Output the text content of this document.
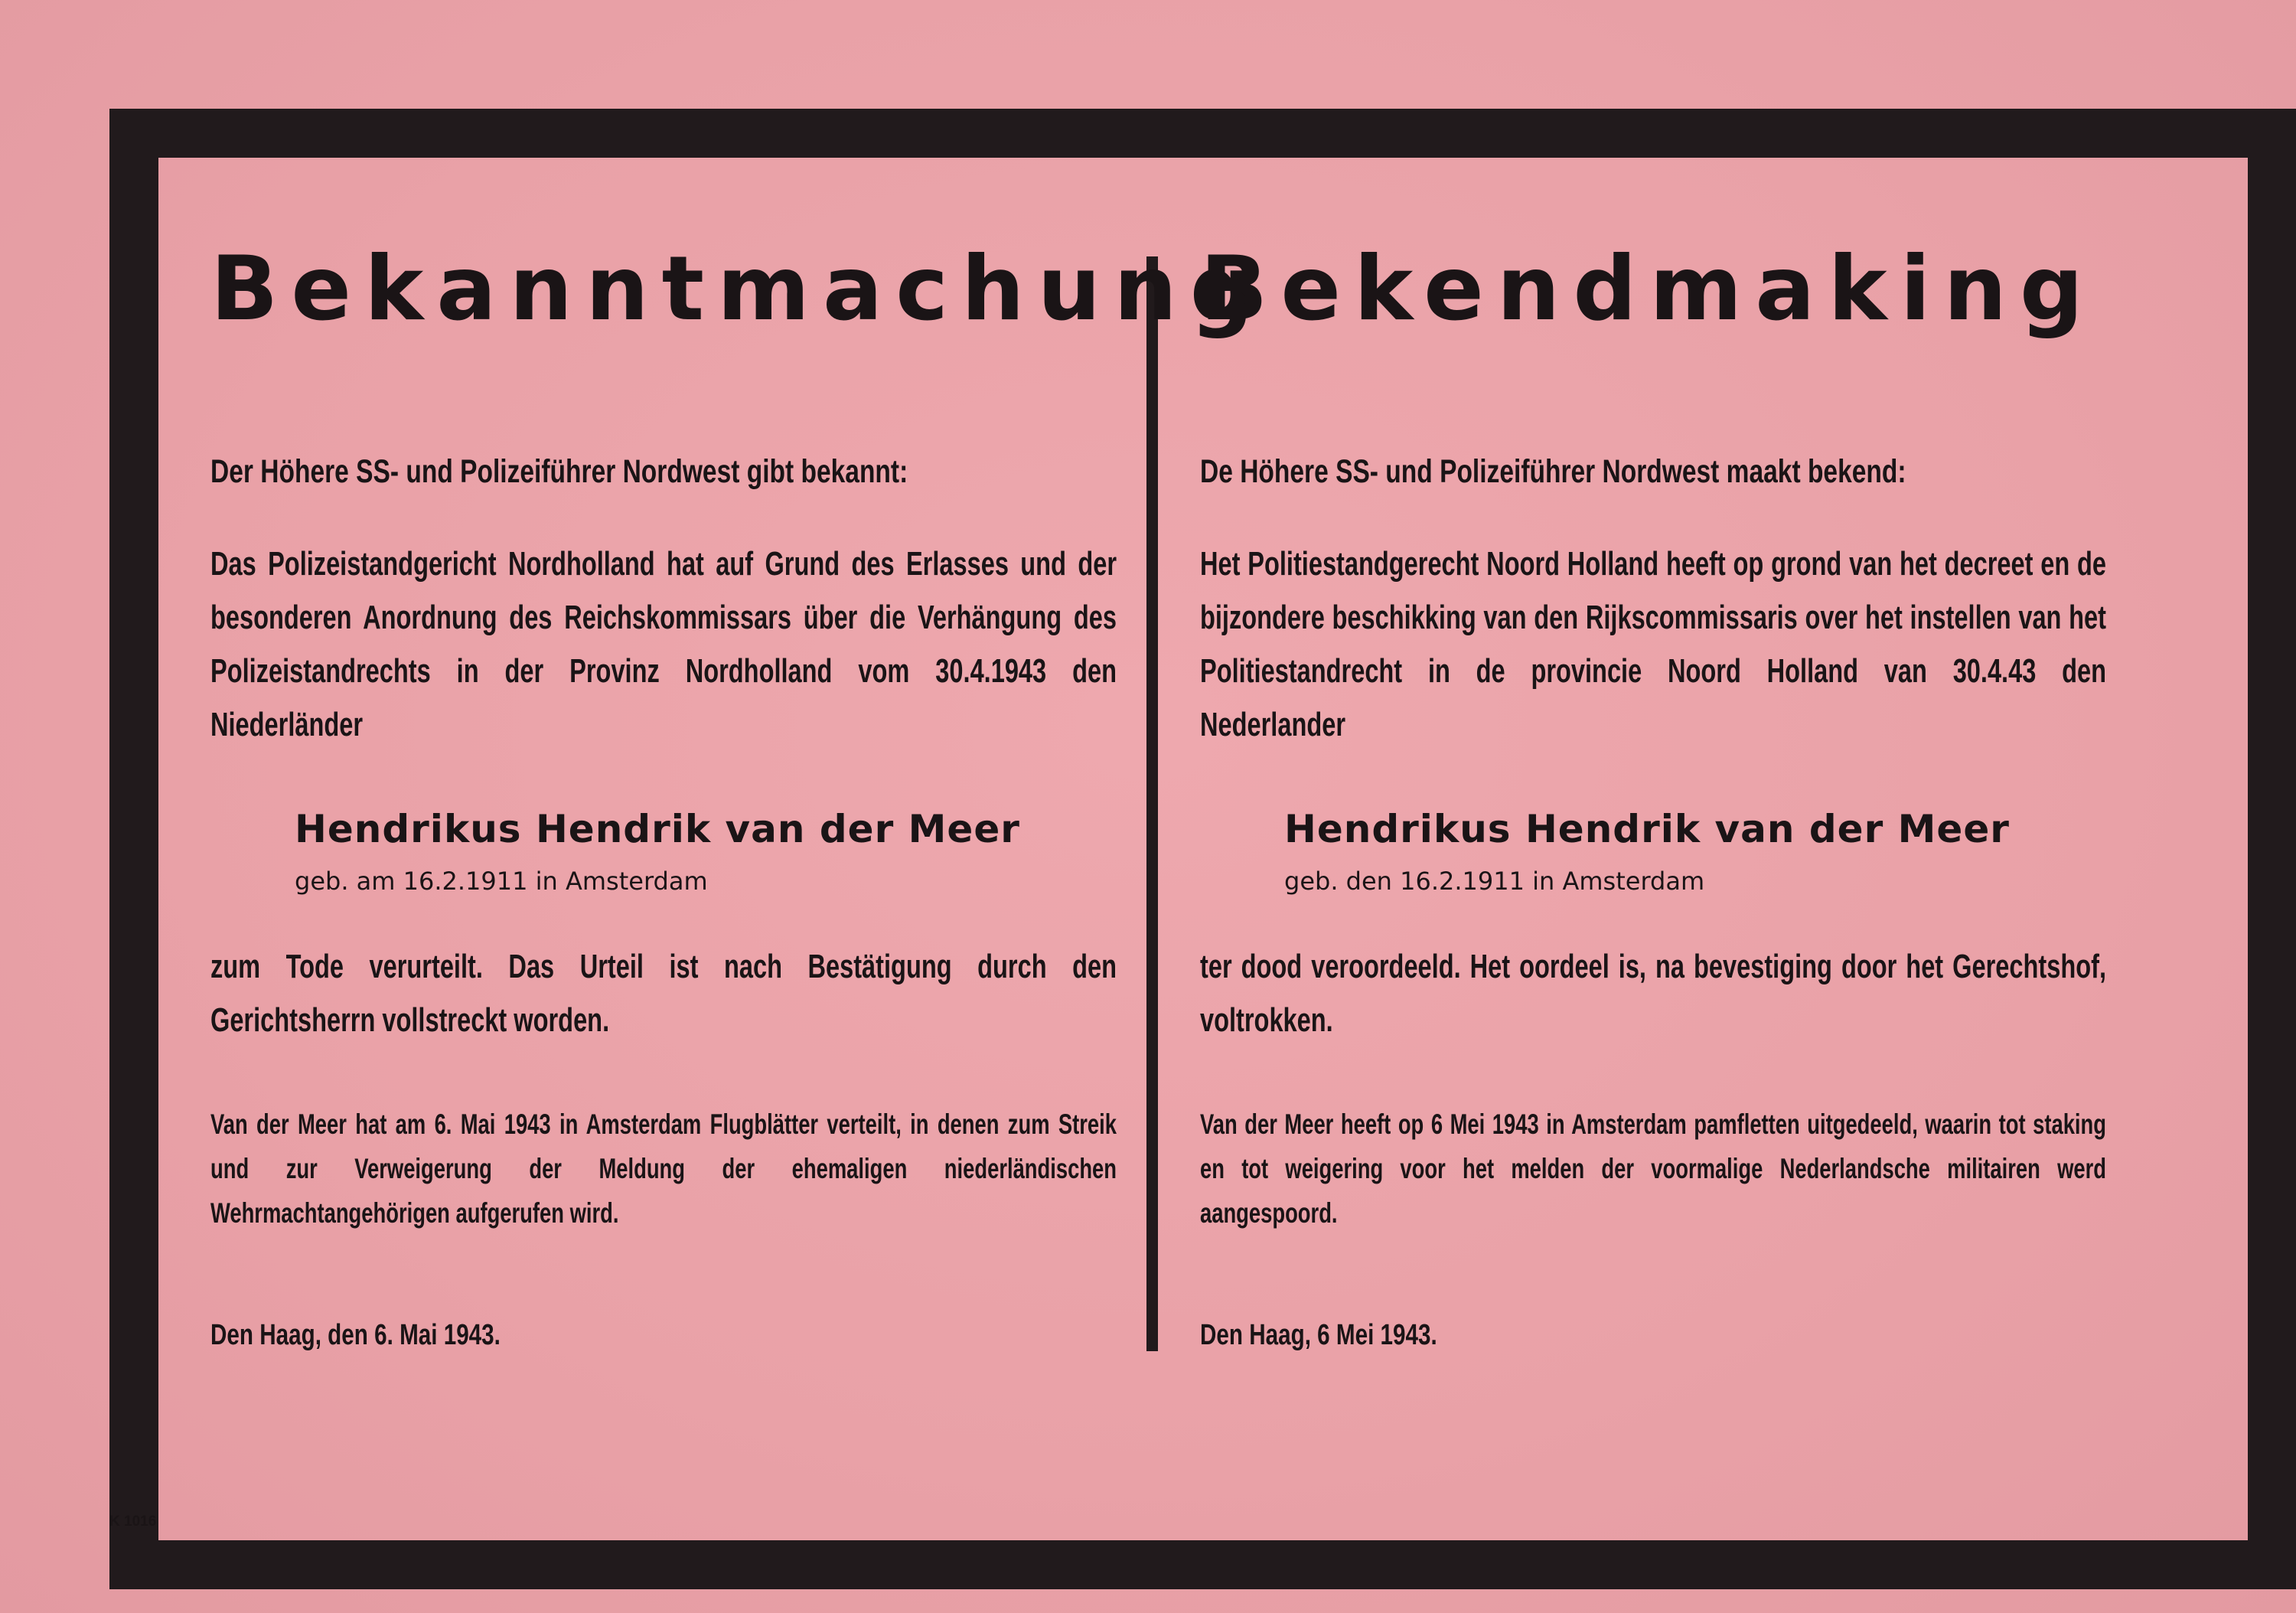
Bekanntmachung

Der Höhere SS- und Polizeiführer Nordwest gibt bekannt:

Das Polizeistandgericht Nordholland hat auf Grund des Erlasses und der besonderen Anordnung des Reichskommissars über die Verhängung des Polizeistandrechts in der Provinz Nordholland vom 30.4.1943 den Niederländer

Hendrikus Hendrik van der Meer

geb. am 16.2.1911 in Amsterdam

zum Tode verurteilt. Das Urteil ist nach Bestätigung durch den Gerichtsherrn vollstreckt worden.

Van der Meer hat am 6. Mai 1943 in Amsterdam Flugblätter verteilt, in denen zum Streik und zur Verweigerung der Meldung der ehemaligen niederländischen Wehrmachtangehörigen aufgerufen wird.

Den Haag, den 6. Mai 1943.

Bekendmaking

De Höhere SS- und Polizeiführer Nordwest maakt bekend:

Het Politiestandgerecht Noord Holland heeft op grond van het decreet en de bijzondere beschikking van den Rijkscommissaris over het instellen van het Politiestandrecht in de provincie Noord Holland van 30.4.43 den Nederlander

Hendrikus Hendrik van der Meer

geb. den 16.2.1911 in Amsterdam

ter dood veroordeeld. Het oordeel is, na bevestiging door het Gerechtshof, voltrokken.

Van der Meer heeft op 6 Mei 1943 in Amsterdam pamfletten uitgedeeld, waarin tot staking en tot weigering voor het melden der voormalige Nederlandsche militairen werd aangespoord.

Den Haag, 6 Mei 1943.

K 1016
